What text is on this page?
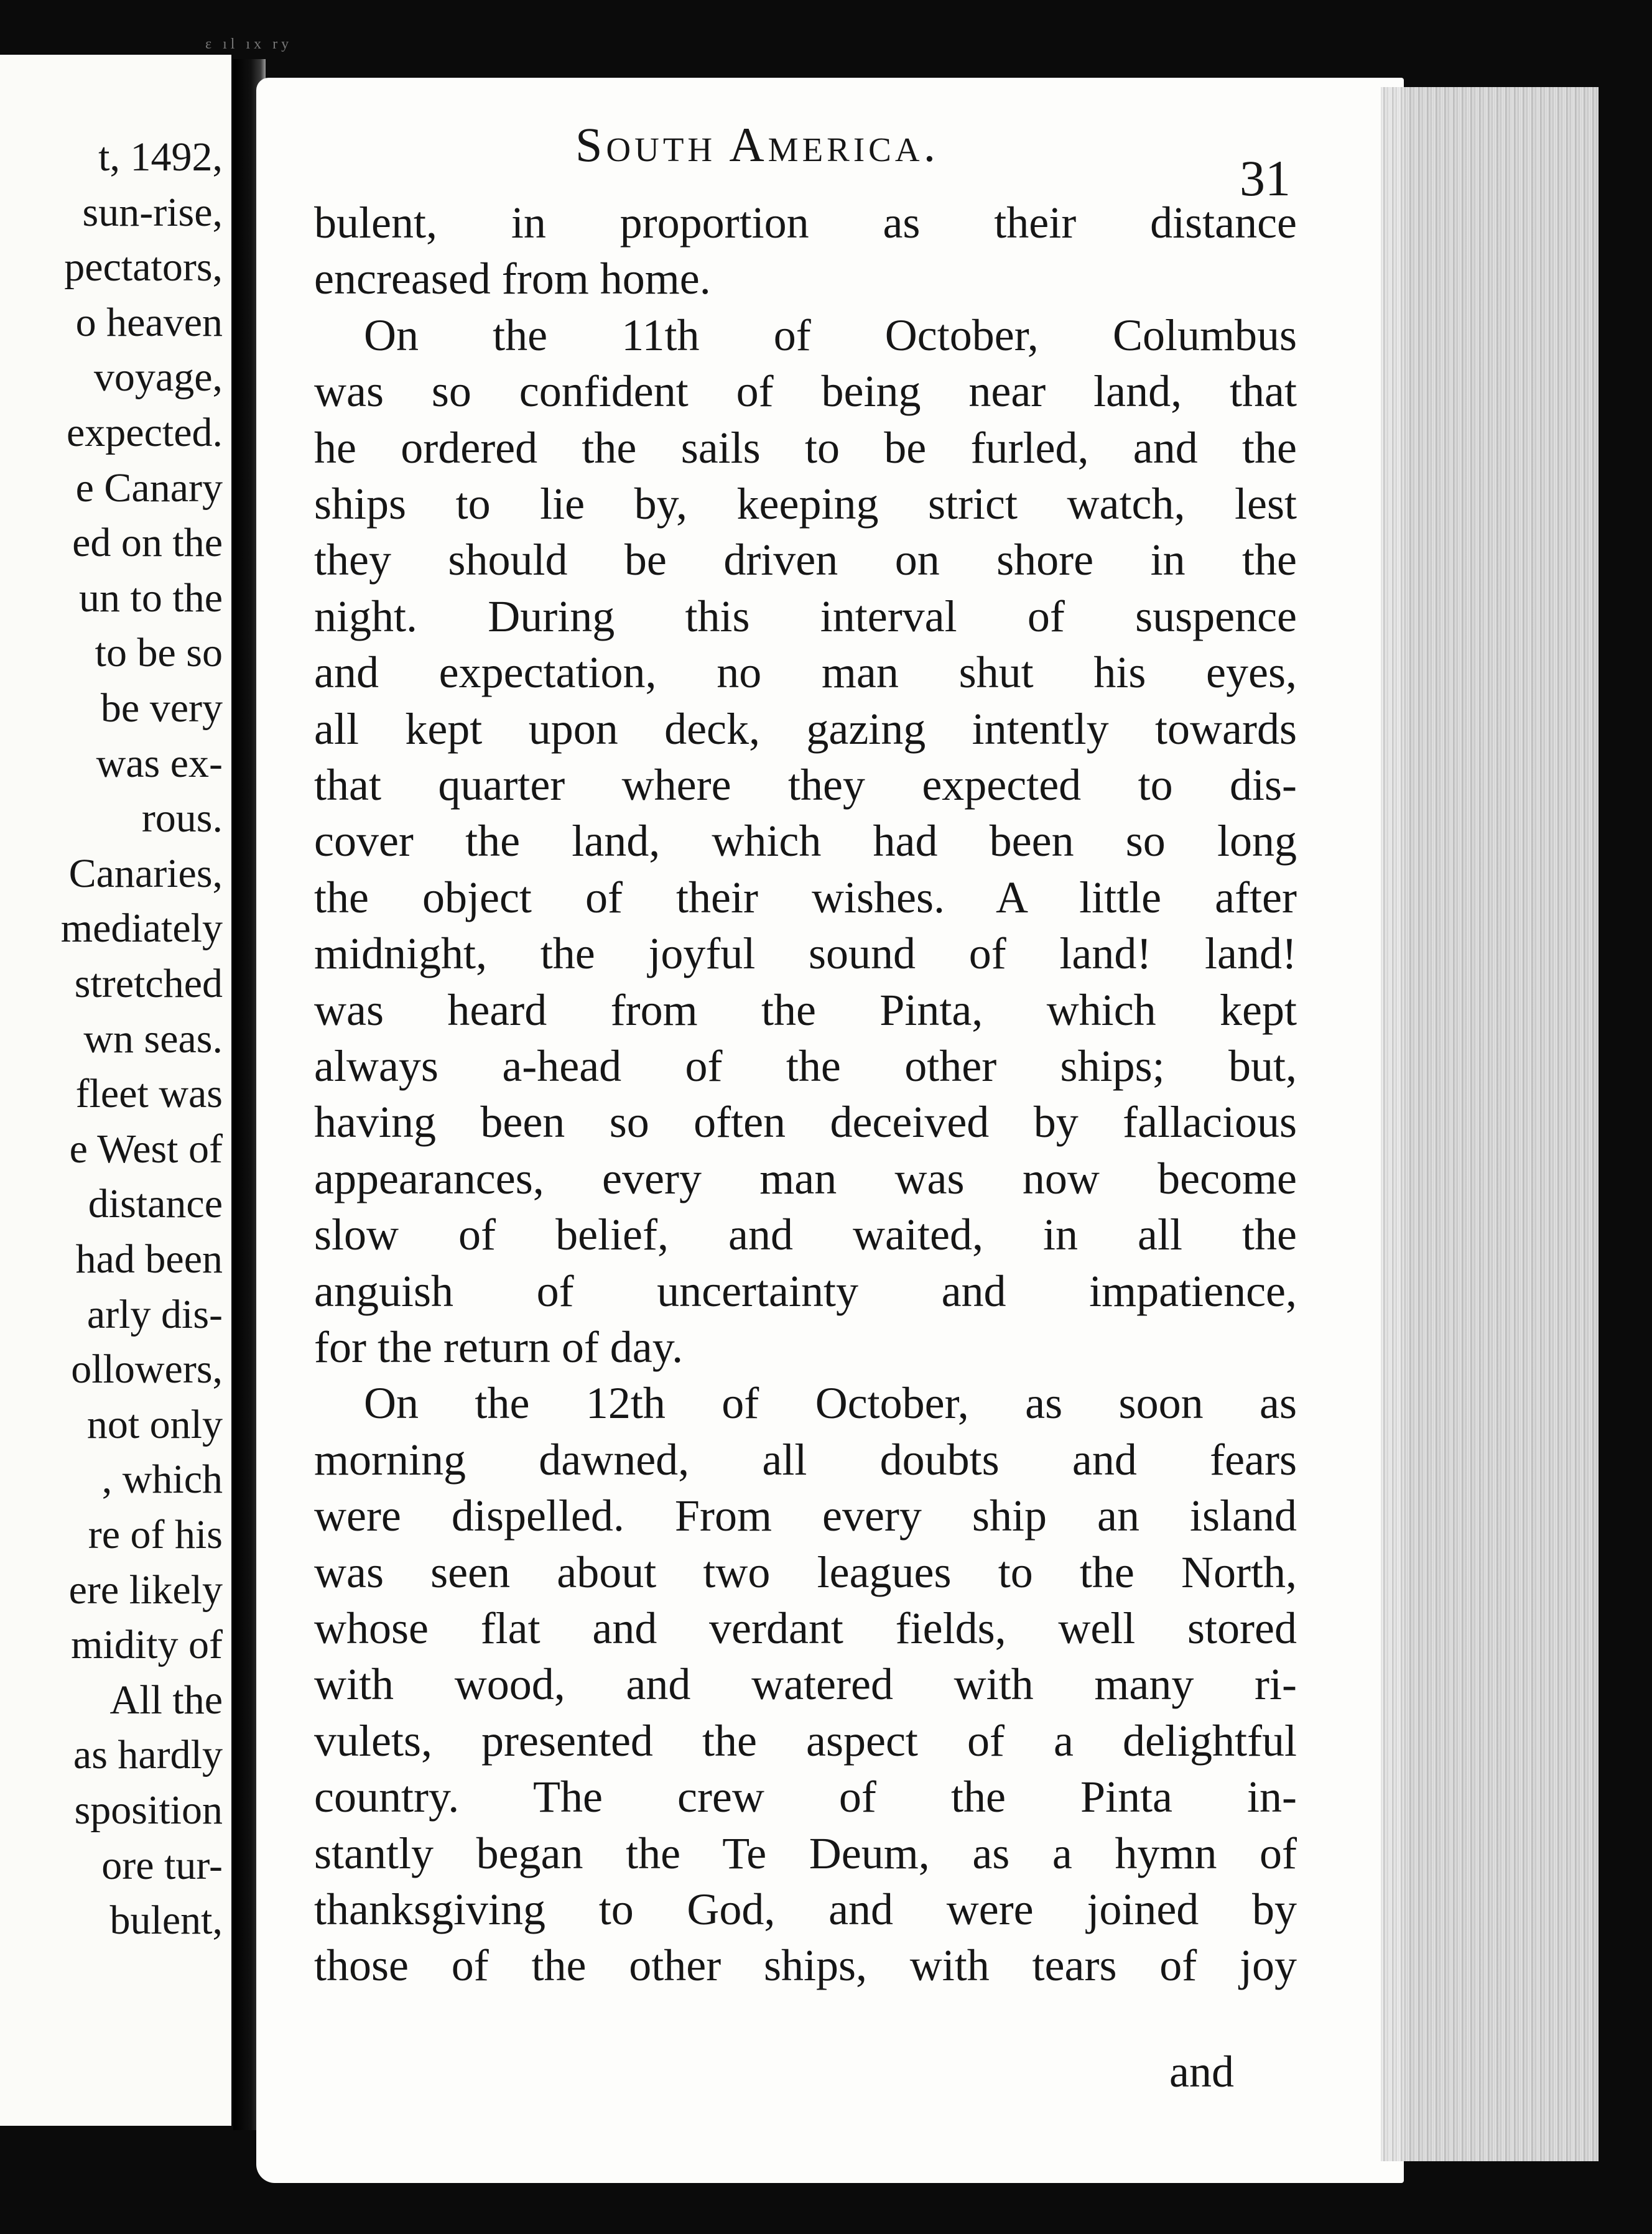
t, 1492,
sun-rise,
pectators,
o heaven
voyage,
expected.
e Canary
ed on the
un to the
to be so
be very
was ex-
rous.
Canaries,
mediately
stretched
wn seas.
fleet was
e West of
distance
had been
arly dis-
ollowers,
not only
, which
re of his
ere likely
midity of
All the
as hardly
sposition
ore tur-
bulent,
ε ıl ıx ry
South America.
31
bulent, in proportion as their distance
encreased from home.
On the 11th of October, Columbus
was so confident of being near land, that
he ordered the sails to be furled, and the
ships to lie by, keeping strict watch, lest
they should be driven on shore in the
night. During this interval of suspence
and expectation, no man shut his eyes,
all kept upon deck, gazing intently towards
that quarter where they expected to dis-
cover the land, which had been so long
the object of their wishes. A little after
midnight, the joyful sound of land! land!
was heard from the Pinta, which kept
always a-head of the other ships; but,
having been so often deceived by fallacious
appearances, every man was now become
slow of belief, and waited, in all the
anguish of uncertainty and impatience,
for the return of day.
On the 12th of October, as soon as
morning dawned, all doubts and fears
were dispelled. From every ship an island
was seen about two leagues to the North,
whose flat and verdant fields, well stored
with wood, and watered with many ri-
vulets, presented the aspect of a delightful
country. The crew of the Pinta in-
stantly began the Te Deum, as a hymn of
thanksgiving to God, and were joined by
those of the other ships, with tears of joy
and
